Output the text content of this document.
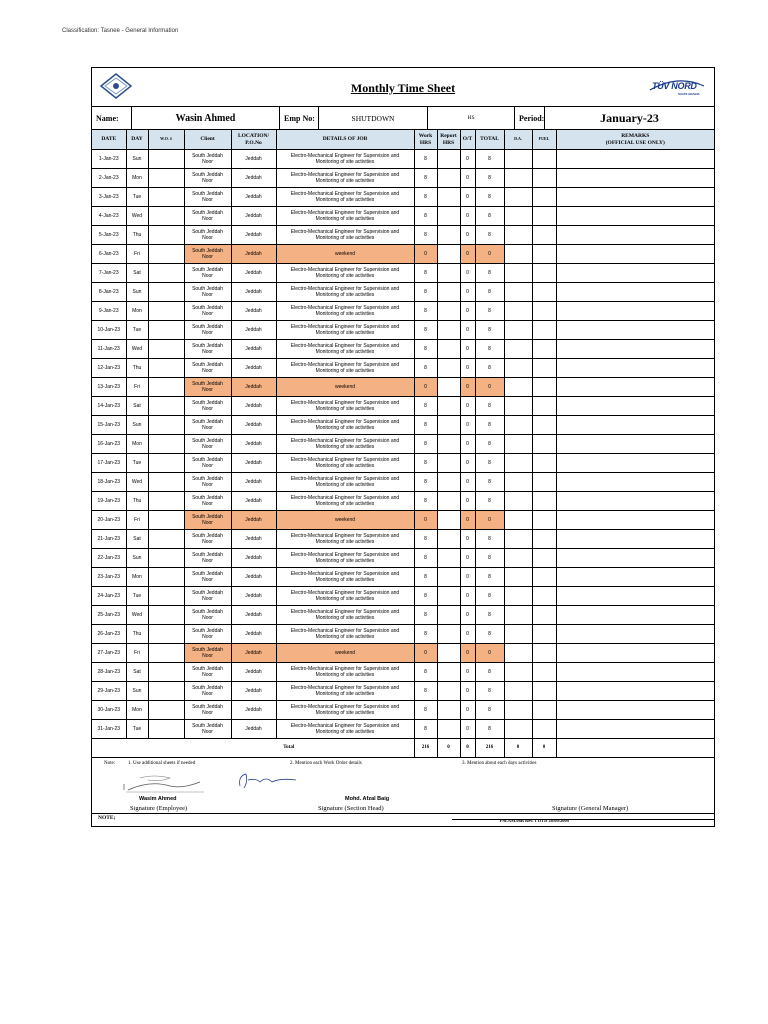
Classification: Tasnee - General Information
Monthly Time Sheet	TÜV NORD
SAUDI ARABIA
Name:	Wasin Ahmed	Emp No:	SHUTDOWN	HS	Period:	January-23
DATE	DAY	W.O. #	Client	LOCATION/
P.O.No	DETAILS OF JOB	Work
HRS	Report
HRS	O/T	TOTAL	D.A.	FUEL	REMARKS
(OFFICIAL USE ONLY)
1-Jan-23	Sun		South Jeddah
Noor	Jeddah	Electro-Mechanical Engineer for Supervision and
Monitoring of site activities	8		0	8			
2-Jan-23	Mon		South Jeddah
Noor	Jeddah	Electro-Mechanical Engineer for Supervision and
Monitoring of site activities	8		0	8			
3-Jan-23	Tue		South Jeddah
Noor	Jeddah	Electro-Mechanical Engineer for Supervision and
Monitoring of site activities	8		0	8			
4-Jan-23	Wed		South Jeddah
Noor	Jeddah	Electro-Mechanical Engineer for Supervision and
Monitoring of site activities	8		0	8			
5-Jan-23	Thu		South Jeddah
Noor	Jeddah	Electro-Mechanical Engineer for Supervision and
Monitoring of site activities	8		0	8			
6-Jan-23	Fri		South Jeddah
Noor	Jeddah	weekend	0		0	0			
7-Jan-23	Sat		South Jeddah
Noor	Jeddah	Electro-Mechanical Engineer for Supervision and
Monitoring of site activities	8		0	8			
8-Jan-23	Sun		South Jeddah
Noor	Jeddah	Electro-Mechanical Engineer for Supervision and
Monitoring of site activities	8		0	8			
9-Jan-23	Mon		South Jeddah
Noor	Jeddah	Electro-Mechanical Engineer for Supervision and
Monitoring of site activities	8		0	8			
10-Jan-23	Tue		South Jeddah
Noor	Jeddah	Electro-Mechanical Engineer for Supervision and
Monitoring of site activities	8		0	8			
11-Jan-23	Wed		South Jeddah
Noor	Jeddah	Electro-Mechanical Engineer for Supervision and
Monitoring of site activities	8		0	8			
12-Jan-23	Thu		South Jeddah
Noor	Jeddah	Electro-Mechanical Engineer for Supervision and
Monitoring of site activities	8		0	8			
13-Jan-23	Fri		South Jeddah
Noor	Jeddah	weekend	0		0	0			
14-Jan-23	Sat		South Jeddah
Noor	Jeddah	Electro-Mechanical Engineer for Supervision and
Monitoring of site activities	8		0	8			
15-Jan-23	Sun		South Jeddah
Noor	Jeddah	Electro-Mechanical Engineer for Supervision and
Monitoring of site activities	8		0	8			
16-Jan-23	Mon		South Jeddah
Noor	Jeddah	Electro-Mechanical Engineer for Supervision and
Monitoring of site activities	8		0	8			
17-Jan-23	Tue		South Jeddah
Noor	Jeddah	Electro-Mechanical Engineer for Supervision and
Monitoring of site activities	8		0	8			
18-Jan-23	Wed		South Jeddah
Noor	Jeddah	Electro-Mechanical Engineer for Supervision and
Monitoring of site activities	8		0	8			
19-Jan-23	Thu		South Jeddah
Noor	Jeddah	Electro-Mechanical Engineer for Supervision and
Monitoring of site activities	8		0	8			
20-Jan-23	Fri		South Jeddah
Noor	Jeddah	weekend	0		0	0			
21-Jan-23	Sat		South Jeddah
Noor	Jeddah	Electro-Mechanical Engineer for Supervision and
Monitoring of site activities	8		0	8			
22-Jan-23	Sun		South Jeddah
Noor	Jeddah	Electro-Mechanical Engineer for Supervision and
Monitoring of site activities	8		0	8			
23-Jan-23	Mon		South Jeddah
Noor	Jeddah	Electro-Mechanical Engineer for Supervision and
Monitoring of site activities	8		0	8			
24-Jan-23	Tue		South Jeddah
Noor	Jeddah	Electro-Mechanical Engineer for Supervision and
Monitoring of site activities	8		0	8			
25-Jan-23	Wed		South Jeddah
Noor	Jeddah	Electro-Mechanical Engineer for Supervision and
Monitoring of site activities	8		0	8			
26-Jan-23	Thu		South Jeddah
Noor	Jeddah	Electro-Mechanical Engineer for Supervision and
Monitoring of site activities	8		0	8			
27-Jan-23	Fri		South Jeddah
Noor	Jeddah	weekend	0		0	0			
28-Jan-23	Sat		South Jeddah
Noor	Jeddah	Electro-Mechanical Engineer for Supervision and
Monitoring of site activities	8		0	8			
29-Jan-23	Sun		South Jeddah
Noor	Jeddah	Electro-Mechanical Engineer for Supervision and
Monitoring of site activities	8		0	8			
30-Jan-23	Mon		South Jeddah
Noor	Jeddah	Electro-Mechanical Engineer for Supervision and
Monitoring of site activities	8		0	8			
31-Jan-23	Tue		South Jeddah
Noor	Jeddah	Electro-Mechanical Engineer for Supervision and
Monitoring of site activities	8		0	8			
Total						216	0	0	216	0	0	
Note:	1. Use additional sheets if needed	2. Mention each Work Order details	3. Mention about each days activities
Wasim Ahmed	Mohd. Afzal Baig
Signature (Employee)	Signature (Section Head)	Signature (General Manager)
NOTE;	FM.AM.08B Rev. 1 DTD 28/09/2009
